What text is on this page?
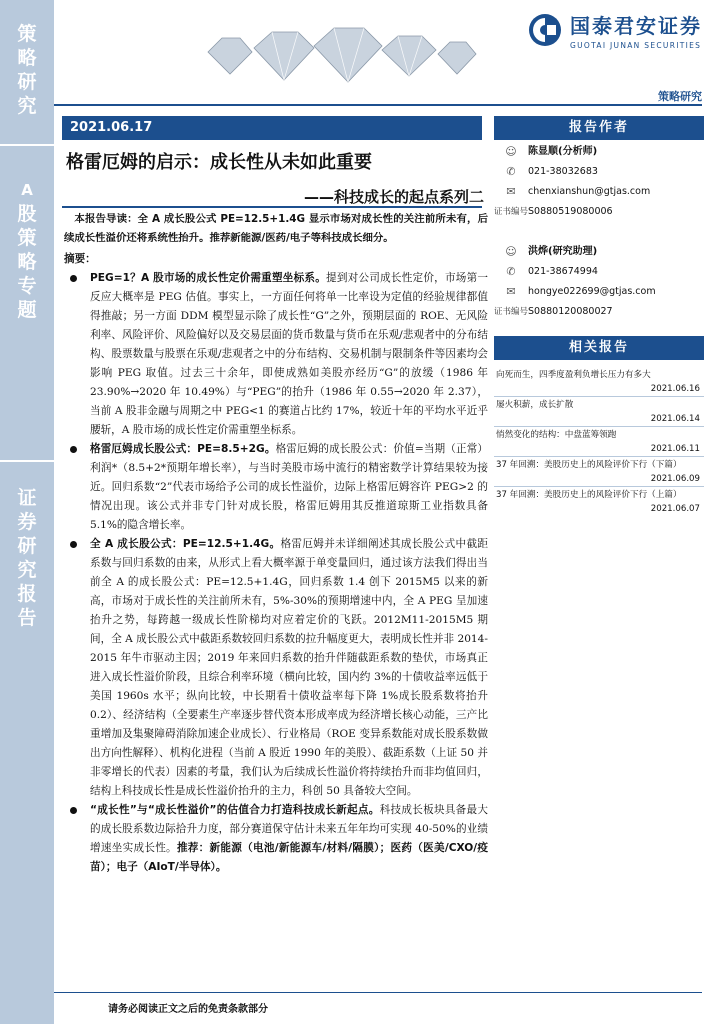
策
略
研
究
A
股
策
略
专
题
证
券
研
究
报
告
国泰君安证券
GUOTAI JUNAN SECURITIES
策略研究
2021.06.17
格雷厄姆的启示：成长性从未如此重要
——科技成长的起点系列二

本报告导读：全 A 成长股公式 PE=12.5+1.4G 显示市场对成长性的关注前所未有，后续成长性溢价还将系统性抬升。推荐新能源/医药/电子等科技成长细分。

摘要：

PEG=1？A 股市场的成长性定价需重塑坐标系。提到对公司成长性定价，市场第一反应大概率是 PEG 估值。事实上，一方面任何将单一比率设为定值的经验规律都值得推敲；另一方面 DDM 模型显示除了成长性“G”之外，预期层面的 ROE、无风险利率、风险评价、风险偏好以及交易层面的货币数量与货币在乐观/悲观者中的分布结构、股票数量与股票在乐观/悲观者之中的分布结构、交易机制与限制条件等因素均会影响 PEG 取值。过去三十余年，即使成熟如美股亦经历“G”的放缓（1986 年 23.90%→2020 年 10.49%）与“PEG”的抬升（1986 年 0.55→2020 年 2.37），当前 A 股非金融与周期之中 PEG<1 的赛道占比约 17%，较近十年的平均水平近乎腰斩，A 股市场的成长性定价需重塑坐标系。

格雷厄姆成长股公式：PE=8.5+2G。格雷厄姆的成长股公式：价值=当期（正常）利润*（8.5+2*预期年增长率），与当时美股市场中流行的精密数学计算结果较为接近。回归系数“2”代表市场给予公司的成长性溢价，边际上格雷厄姆容许 PEG>2 的情况出现。该公式并非专门针对成长股，格雷厄姆用其反推道琼斯工业指数具备 5.1%的隐含增长率。

全 A 成长股公式：PE=12.5+1.4G。格雷厄姆并未详细阐述其成长股公式中截距系数与回归系数的由来，从形式上看大概率源于单变量回归，通过该方法我们得出当前全 A 的成长股公式：PE=12.5+1.4G，回归系数 1.4 创下 2015M5 以来的新高，市场对于成长性的关注前所未有，5%-30%的预期增速中内，全 A PEG 呈加速抬升之势，每跨越一级成长性阶梯均对应着定价的飞跃。2012M11-2015M5 期间，全 A 成长股公式中截距系数较回归系数的拉升幅度更大，表明成长性并非 2014-2015 年牛市驱动主因；2019 年来回归系数的抬升伴随截距系数的垫伏，市场真正进入成长性溢价阶段，且综合利率环境（横向比较，国内约 3%的十债收益率远低于美国 1960s 水平；纵向比较，中长期看十债收益率每下降 1%成长股系数将抬升 0.2）、经济结构（全要素生产率逐步替代资本形成率成为经济增长核心动能，三产比重增加及集聚障碍消除加速企业成长）、行业格局（ROE 变异系数能对成长股系数做出方向性解释）、机构化进程（当前 A 股近 1990 年的美股）、截距系数（上证 50 并非零增长的代表）因素的考量，我们认为后续成长性溢价将持续抬升而非均值回归，结构上科技成长性是成长性溢价抬升的主力，科创 50 具备较大空间。

“成长性”与“成长性溢价”的估值合力打造科技成长新起点。科技成长板块具备最大的成长股系数边际拾升力度，部分赛道保守估计未来五年年均可实现 40-50%的业绩增速坐实成长性。推荐：新能源（电池/新能源车/材料/隔膜）；医药（医美/CXO/疫苗）；电子（AIoT/半导体）。

请务必阅读正文之后的免责条款部分
报告作者
☺	陈显顺(分析师)
✆	021-38032683
✉	chenxianshun@gtjas.com
证书编号 S0880519080006
☺	洪烨(研究助理)
✆	021-38674994
✉	hongye022699@gtjas.com
证书编号 S0880120080027
相关报告
向死而生，四季度盈利负增长压力有多大
2021.06.16
屡火积薪，成长扩散
2021.06.14
悄然变化的结构：中盘蓝筹领跑
2021.06.11
37 年回溯：美股历史上的风险评价下行（下篇）
2021.06.09
37 年回溯：美股历史上的风险评价下行（上篇）
2021.06.07
